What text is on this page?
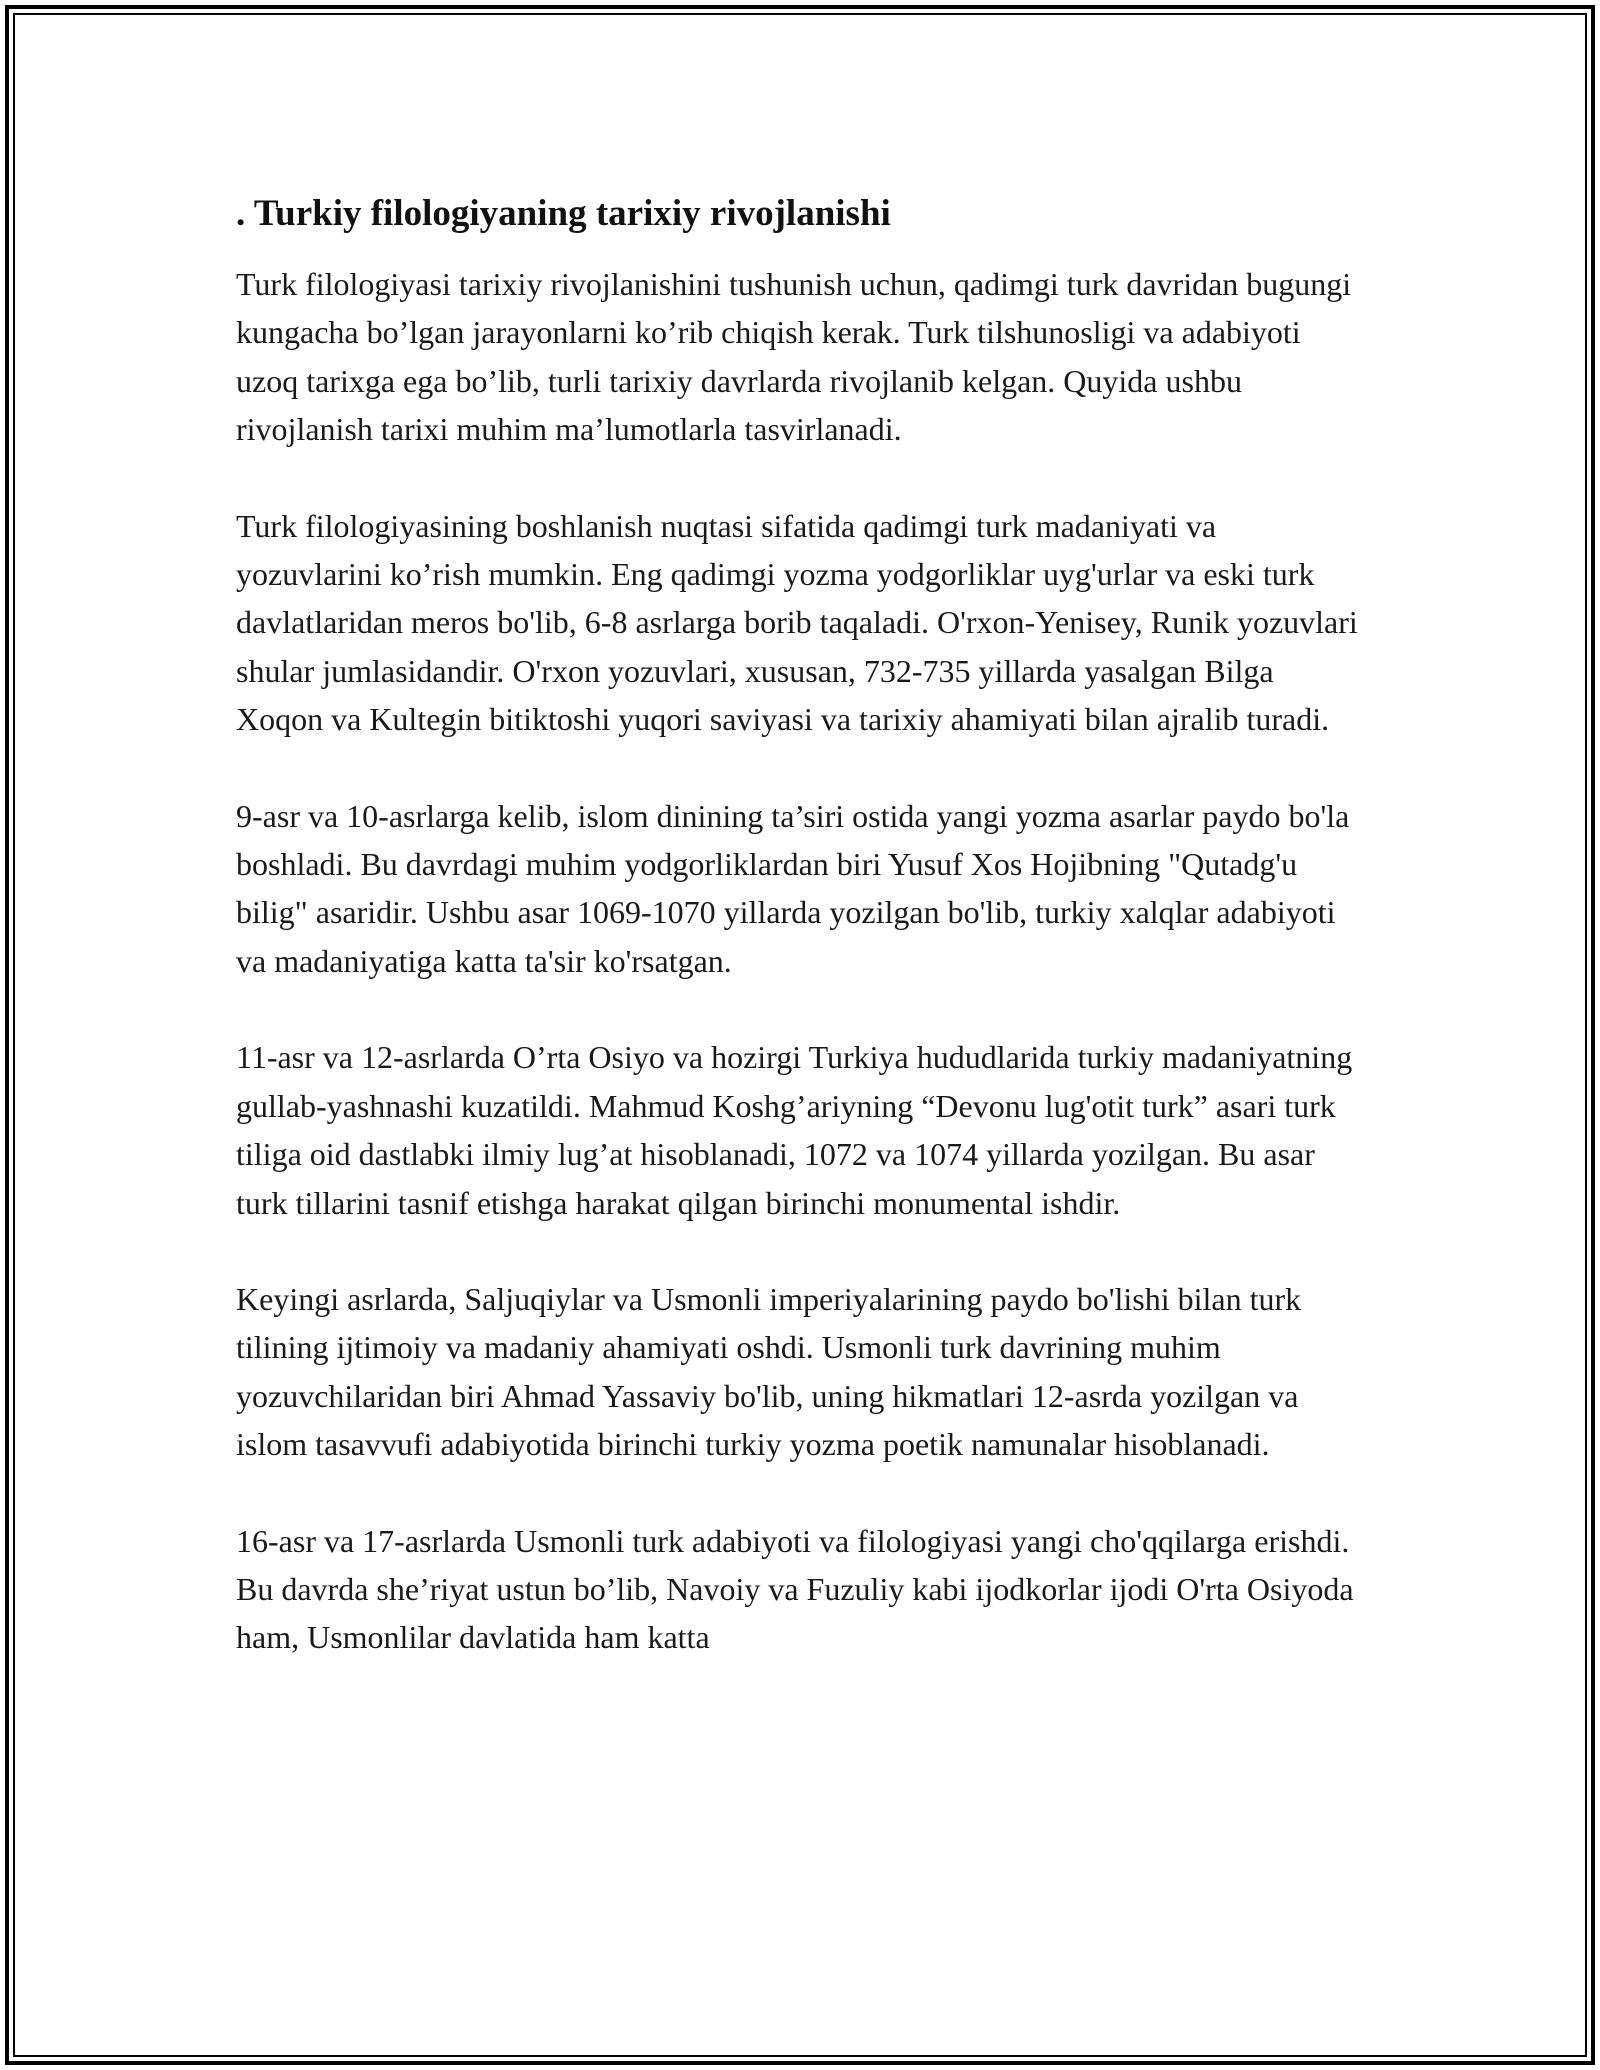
. Turkiy filologiyaning tarixiy rivojlanishi

Turk filologiyasi tarixiy rivojlanishini tushunish uchun, qadimgi turk davridan bugungi kungacha bo’lgan jarayonlarni ko’rib chiqish kerak. Turk tilshunosligi va adabiyoti uzoq tarixga ega bo’lib, turli tarixiy davrlarda rivojlanib kelgan. Quyida ushbu rivojlanish tarixi muhim ma’lumotlarla tasvirlanadi.

Turk filologiyasining boshlanish nuqtasi sifatida qadimgi turk madaniyati va yozuvlarini ko’rish mumkin. Eng qadimgi yozma yodgorliklar uyg'urlar va eski turk davlatlaridan meros bo'lib, 6-8 asrlarga borib taqaladi. O'rxon-Yenisey, Runik yozuvlari shular jumlasidandir. O'rxon yozuvlari, xususan, 732-735 yillarda yasalgan Bilga Xoqon va Kultegin bitiktoshi yuqori saviyasi va tarixiy ahamiyati bilan ajralib turadi.

9-asr va 10-asrlarga kelib, islom dinining ta’siri ostida yangi yozma asarlar paydo bo'la boshladi. Bu davrdagi muhim yodgorliklardan biri Yusuf Xos Hojibning "Qutadg'u bilig" asaridir. Ushbu asar 1069-1070 yillarda yozilgan bo'lib, turkiy xalqlar adabiyoti va madaniyatiga katta ta'sir ko'rsatgan.

11-asr va 12-asrlarda O’rta Osiyo va hozirgi Turkiya hududlarida turkiy madaniyatning gullab-yashnashi kuzatildi. Mahmud Koshg’ariyning “Devonu lug'otit turk” asari turk tiliga oid dastlabki ilmiy lug’at hisoblanadi, 1072 va 1074 yillarda yozilgan. Bu asar turk tillarini tasnif etishga harakat qilgan birinchi monumental ishdir.

Keyingi asrlarda, Saljuqiylar va Usmonli imperiyalarining paydo bo'lishi bilan turk tilining ijtimoiy va madaniy ahamiyati oshdi. Usmonli turk davrining muhim yozuvchilaridan biri Ahmad Yassaviy bo'lib, uning hikmatlari 12-asrda yozilgan va islom tasavvufi adabiyotida birinchi turkiy yozma poetik namunalar hisoblanadi.

16-asr va 17-asrlarda Usmonli turk adabiyoti va filologiyasi yangi cho'qqilarga erishdi. Bu davrda she’riyat ustun bo’lib, Navoiy va Fuzuliy kabi ijodkorlar ijodi O'rta Osiyoda ham, Usmonlilar davlatida ham katta
